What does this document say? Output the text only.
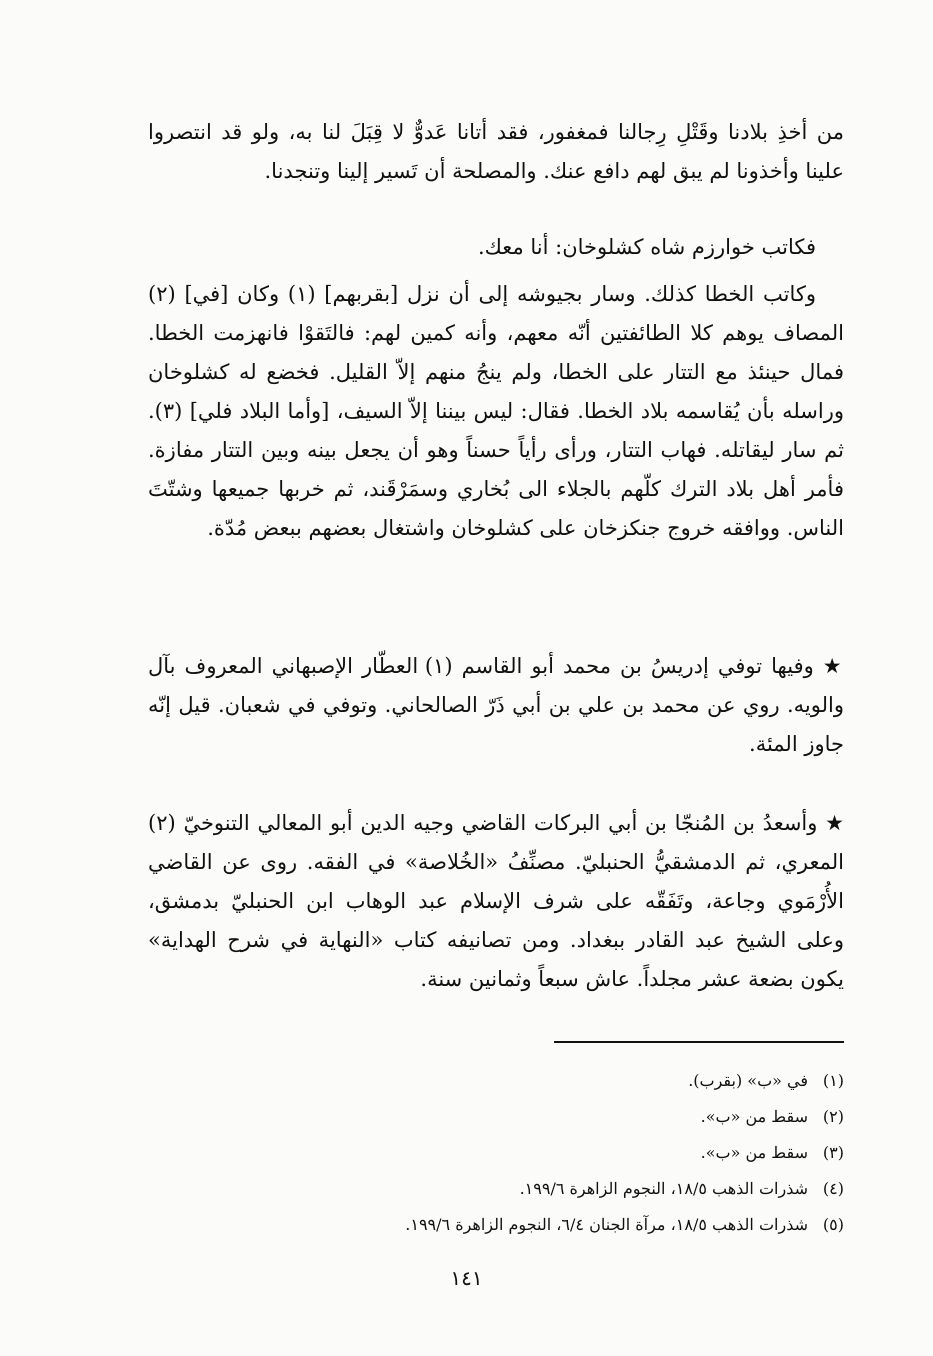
من أخذِ بلادنا وقَتْلِ رِجالنا فمغفور، فقد أتانا عَدوٌّ لا قِبَلَ لنا به، ولو قد انتصروا علينا وأخذونا لم يبق لهم دافع عنك. والمصلحة أن تَسير إلينا وتنجدنا.

فكاتب خوارزم شاه كشلوخان: أنا معك.

وكاتب الخطا كذلك. وسار بجيوشه إلى أن نزل [بقربهم] (١) وكان [في] (٢) المصاف يوهم كلا الطائفتين أنّه معهم، وأنه كمين لهم: فالتَقوْا فانهزمت الخطا. فمال حينئذ مع التتار على الخطا، ولم ينجُ منهم إلاّ القليل. فخضع له كشلوخان وراسله بأن يُقاسمه بلاد الخطا. فقال: ليس بيننا إلاّ السيف، [وأما البلاد فلي] (٣). ثم سار ليقاتله. فهاب التتار، ورأى رأياً حسناً وهو أن يجعل بينه وبين التتار مفازة. فأمر أهل بلاد الترك كلّهم بالجلاء الى بُخاري وسمَرْقَند، ثم خربها جميعها وشتّتَ الناس. ووافقه خروج جنكزخان على كشلوخان واشتغال بعضهم ببعض مُدّة.

★ وفيها توفي إدريسُ بن محمد أبو القاسم (١) العطّار الإصبهاني المعروف بآل والويه. روي عن محمد بن علي بن أبي ذَرّ الصالحاني. وتوفي في شعبان. قيل إنّه جاوز المئة.

★ وأسعدُ بن المُنجّا بن أبي البركات القاضي وجيه الدين أبو المعالي التنوخيّ (٢) المعري، ثم الدمشقيُّ الحنبليّ. مصنِّفُ «الخُلاصة» في الفقه. روى عن القاضي الأُرْمَوي وجاعة، وتَفَقّه على شرف الإسلام عبد الوهاب ابن الحنبليّ بدمشق، وعلى الشيخ عبد القادر ببغداد. ومن تصانيفه كتاب «النهاية في شرح الهداية» يكون بضعة عشر مجلداً. عاش سبعاً وثمانين سنة.

(١)في «ب» (بقرب).
(٢)سقط من «ب».
(٣)سقط من «ب».
(٤)شذرات الذهب ١٨/٥، النجوم الزاهرة ١٩٩/٦.
(٥)شذرات الذهب ١٨/٥، مرآة الجنان ٦/٤، النجوم الزاهرة ١٩٩/٦.
١٤١
